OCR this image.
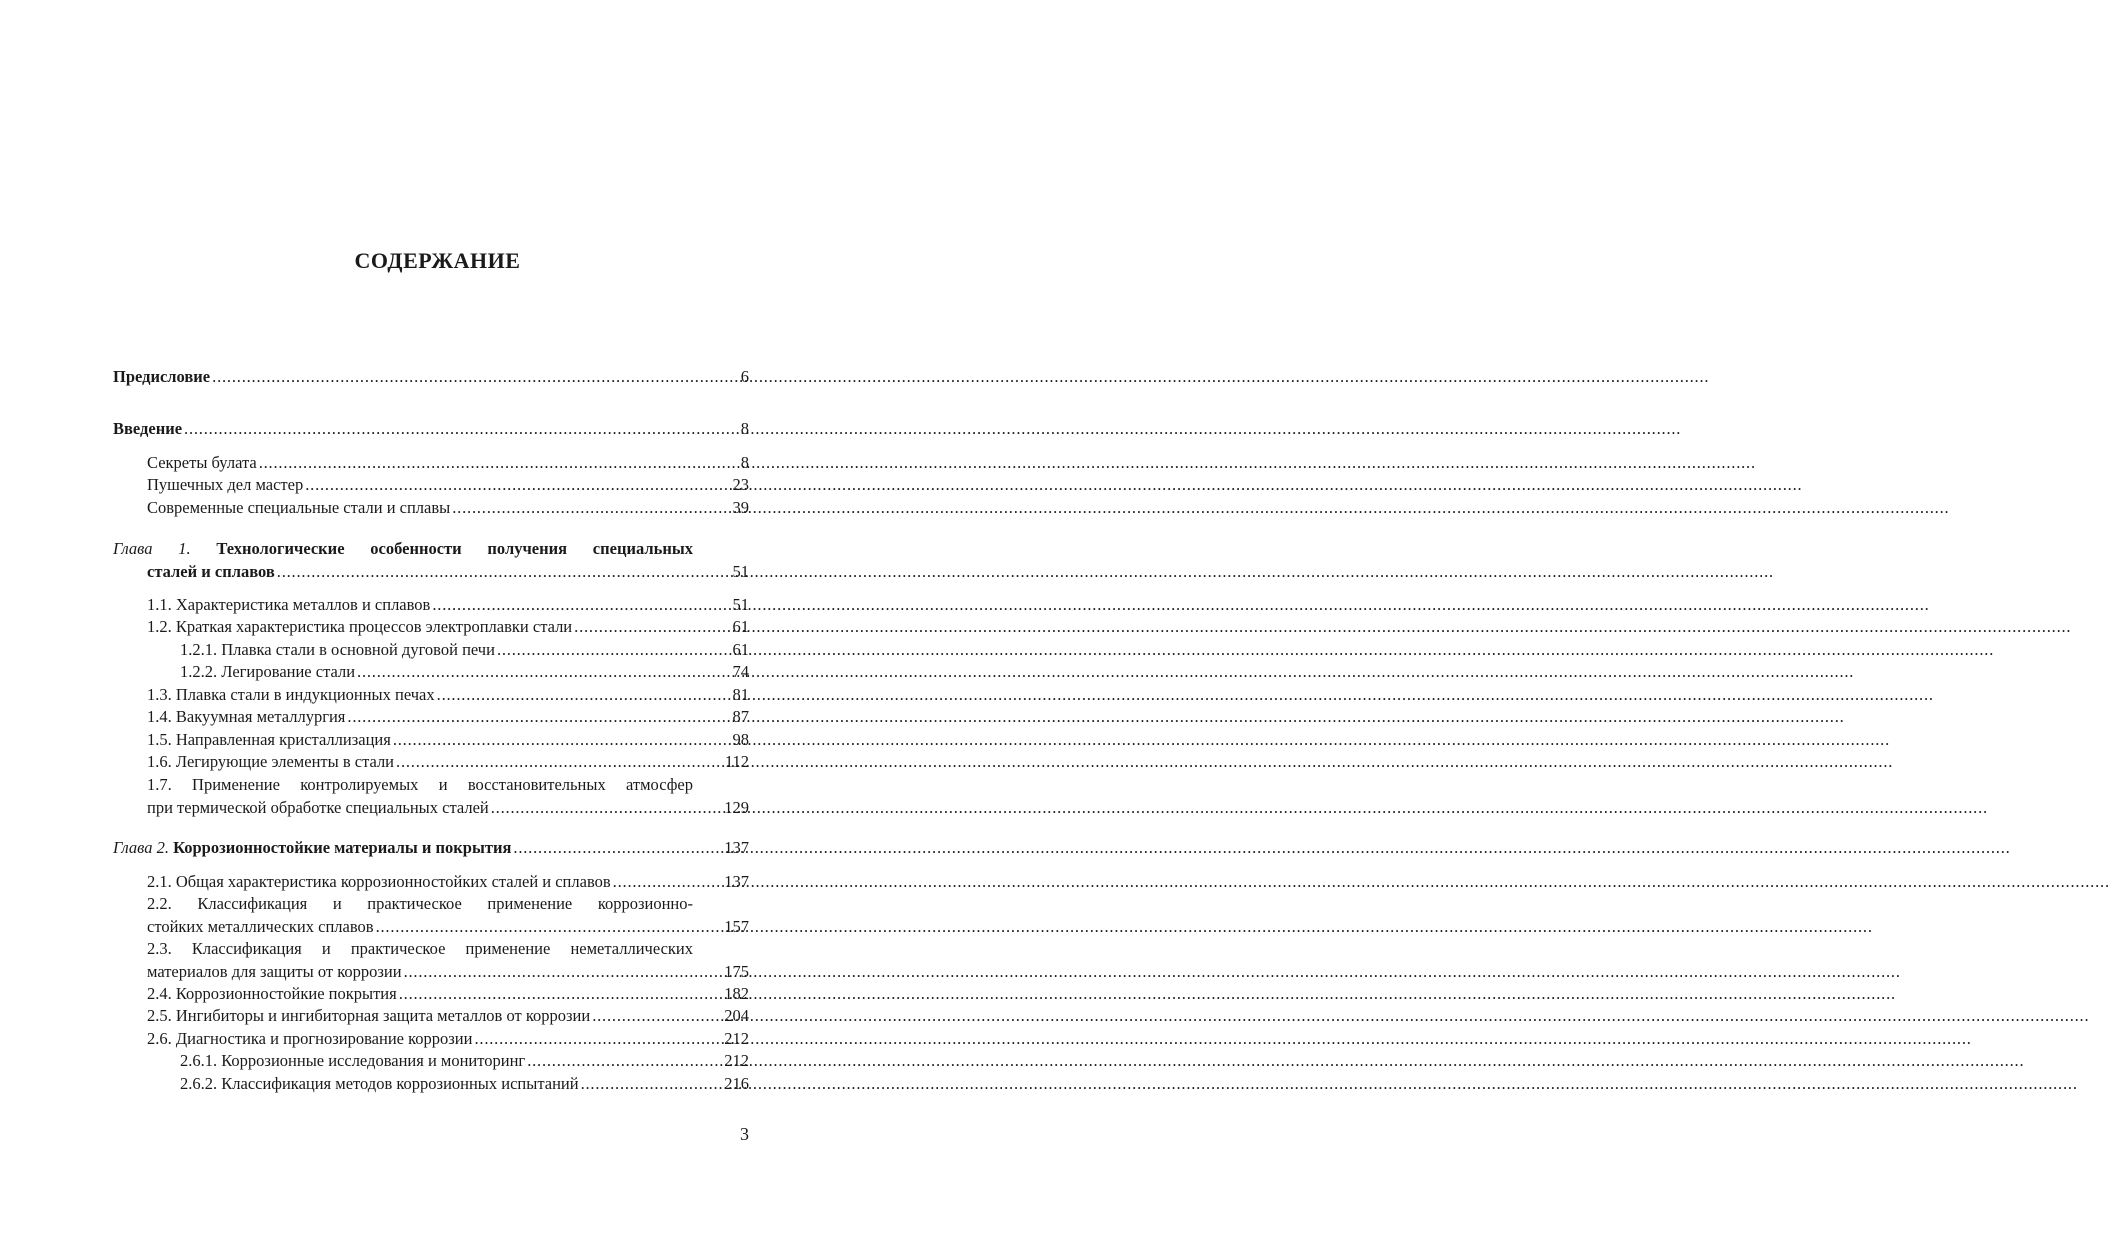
СОДЕРЖАНИЕ
Предисловие .....	6
Введение .....	8
Секреты булата .....	8
Пушечных дел мастер .....	23
Современные специальные стали и сплавы .....	39
Глава 1. Технологические особенности получения специальных
сталей и сплавов .....	51
1.1. Характеристика металлов и сплавов .....	51
1.2. Краткая характеристика процессов электроплавки стали .....	61
1.2.1. Плавка стали в основной дуговой печи .....	61
1.2.2. Легирование стали .....	74
1.3. Плавка стали в индукционных печах .....	81
1.4. Вакуумная металлургия .....	87
1.5. Направленная кристаллизация .....	98
1.6. Легирующие элементы в стали .....	112
1.7. Применение контролируемых и восстановительных атмосфер
при термической обработке специальных сталей .....	129
Глава 2. Коррозионностойкие материалы и покрытия .....	137
2.1. Общая характеристика коррозионностойких сталей и сплавов .....	137
2.2. Классификация и практическое применение коррозионно-
стойких металлических сплавов .....	157
2.3. Классификация и практическое применение неметаллических
материалов для защиты от коррозии .....	175
2.4. Коррозионностойкие покрытия .....	182
2.5. Ингибиторы и ингибиторная защита металлов от коррозии .....	204
2.6. Диагностика и прогнозирование коррозии .....	212
2.6.1. Коррозионные исследования и мониторинг .....	212
2.6.2. Классификация методов коррозионных испытаний .....	216
3
